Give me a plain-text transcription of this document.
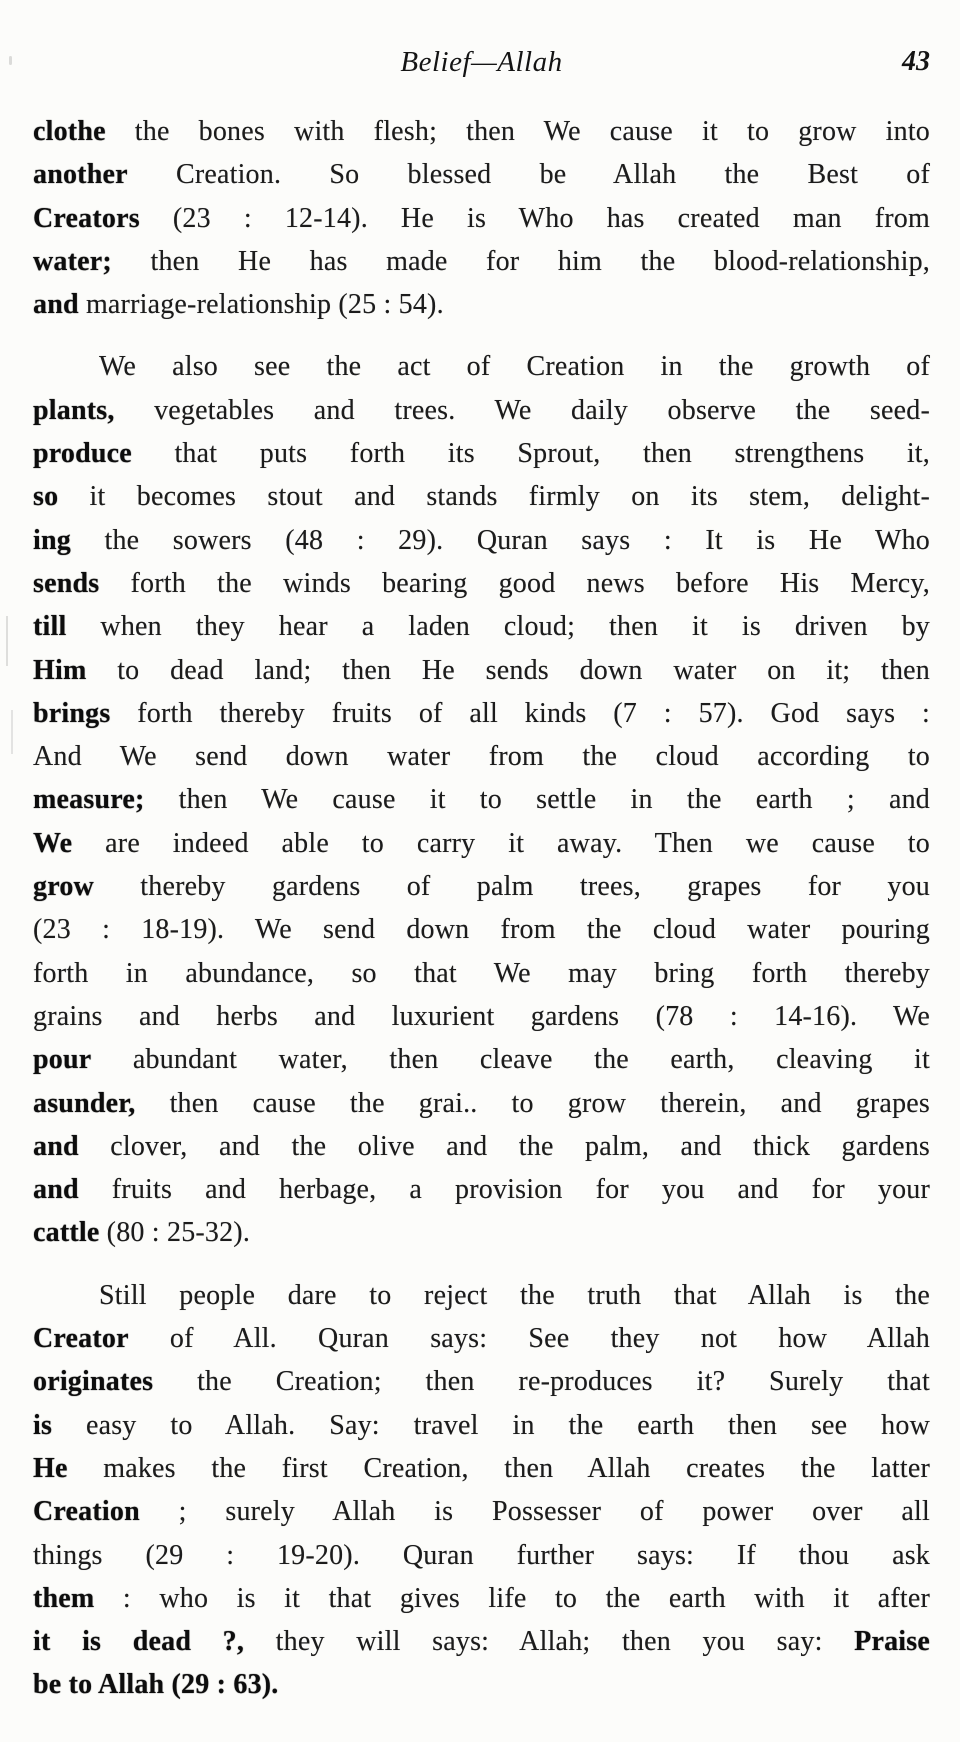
Belief—Allah	43
clothe the bones with flesh; then We cause it to grow into
another Creation. So blessed be Allah the Best of
Creators (23 : 12-14). He is Who has created man from
water; then He has made for him the blood-relationship,
and marriage-relationship (25 : 54).
We also see the act of Creation in the growth of
plants, vegetables and trees. We daily observe the seed-
produce that puts forth its Sprout, then strengthens it,
so it becomes stout and stands firmly on its stem, delight-
ing the sowers (48 : 29). Quran says : It is He Who
sends forth the winds bearing good news before His Mercy,
till when they hear a laden cloud; then it is driven by
Him to dead land; then He sends down water on it; then
brings forth thereby fruits of all kinds (7 : 57). God says :
And We send down water from the cloud according to
measure; then We cause it to settle in the earth ; and
We are indeed able to carry it away. Then we cause to
grow thereby gardens of palm trees, grapes for you
(23 : 18-19). We send down from the cloud water pouring
forth in abundance, so that We may bring forth thereby
grains and herbs and luxurient gardens (78 : 14-16). We
pour abundant water, then cleave the earth, cleaving it
asunder, then cause the grai.. to grow therein, and grapes
and clover, and the olive and the palm, and thick gardens
and fruits and herbage, a provision for you and for your
cattle (80 : 25-32).
Still people dare to reject the truth that Allah is the
Creator of All. Quran says: See they not how Allah
originates the Creation; then re-produces it? Surely that
is easy to Allah. Say: travel in the earth then see how
He makes the first Creation, then Allah creates the latter
Creation ; surely Allah is Possesser of power over all
things (29 : 19-20). Quran further says: If thou ask
them : who is it that gives life to the earth with it after
it is dead ?, they will says: Allah; then you say: Praise
be to Allah (29 : 63).
